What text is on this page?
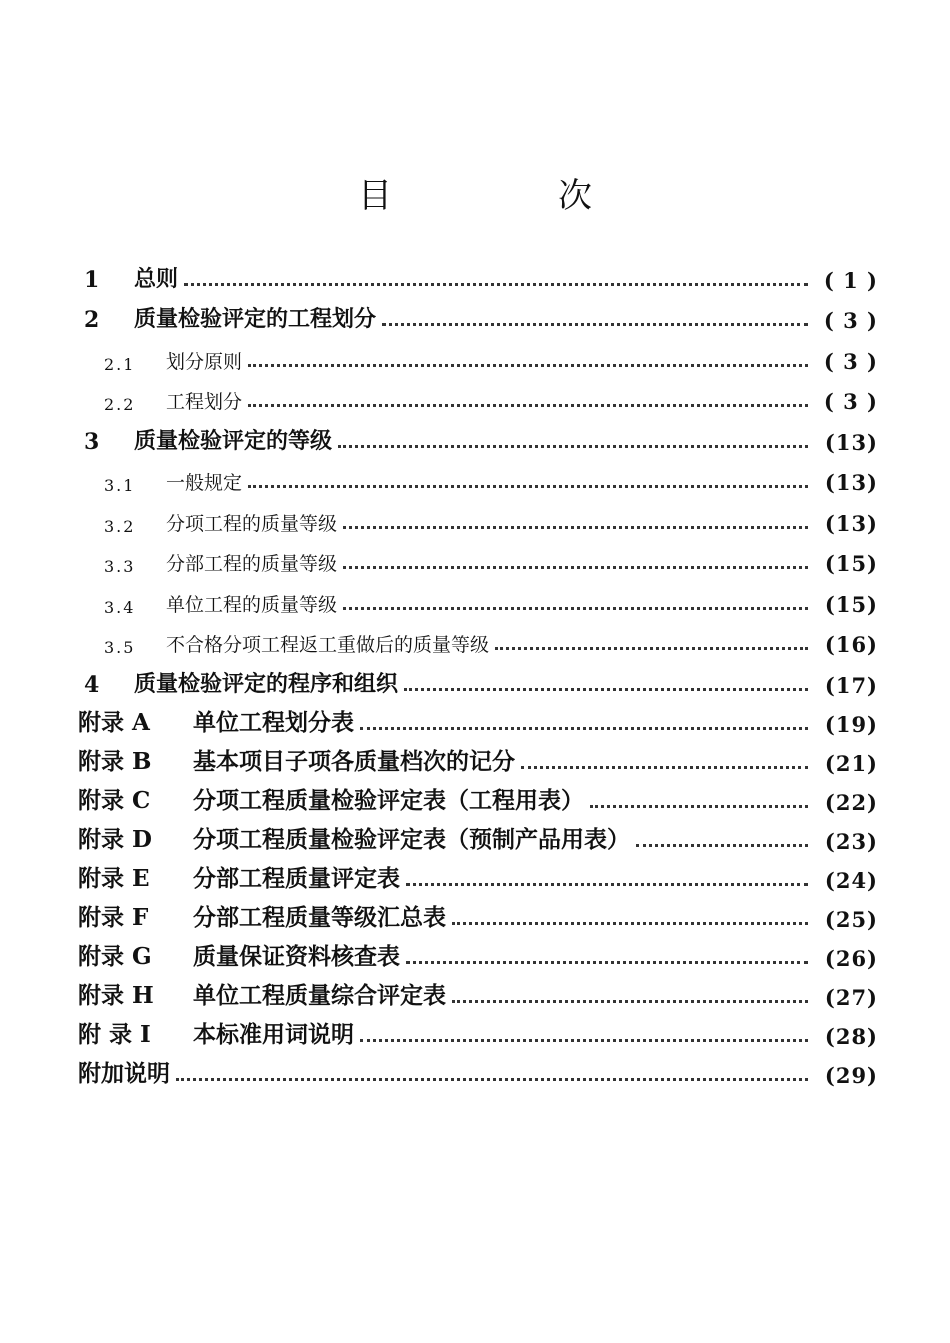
目　次
1	总则	( 1 )
2	质量检验评定的工程划分	( 3 )
2.1	划分原则	( 3 )
2.2	工程划分	( 3 )
3	质量检验评定的等级	(13)
3.1	一般规定	(13)
3.2	分项工程的质量等级	(13)
3.3	分部工程的质量等级	(15)
3.4	单位工程的质量等级	(15)
3.5	不合格分项工程返工重做后的质量等级	(16)
4	质量检验评定的程序和组织	(17)
附录 A	单位工程划分表	(19)
附录 B	基本项目子项各质量档次的记分	(21)
附录 C	分项工程质量检验评定表（工程用表）	(22)
附录 D	分项工程质量检验评定表（预制产品用表）	(23)
附录 E	分部工程质量评定表	(24)
附录 F	分部工程质量等级汇总表	(25)
附录 G	质量保证资料核查表	(26)
附录 H	单位工程质量综合评定表	(27)
附 录 I	本标准用词说明	(28)
附加说明	(29)
